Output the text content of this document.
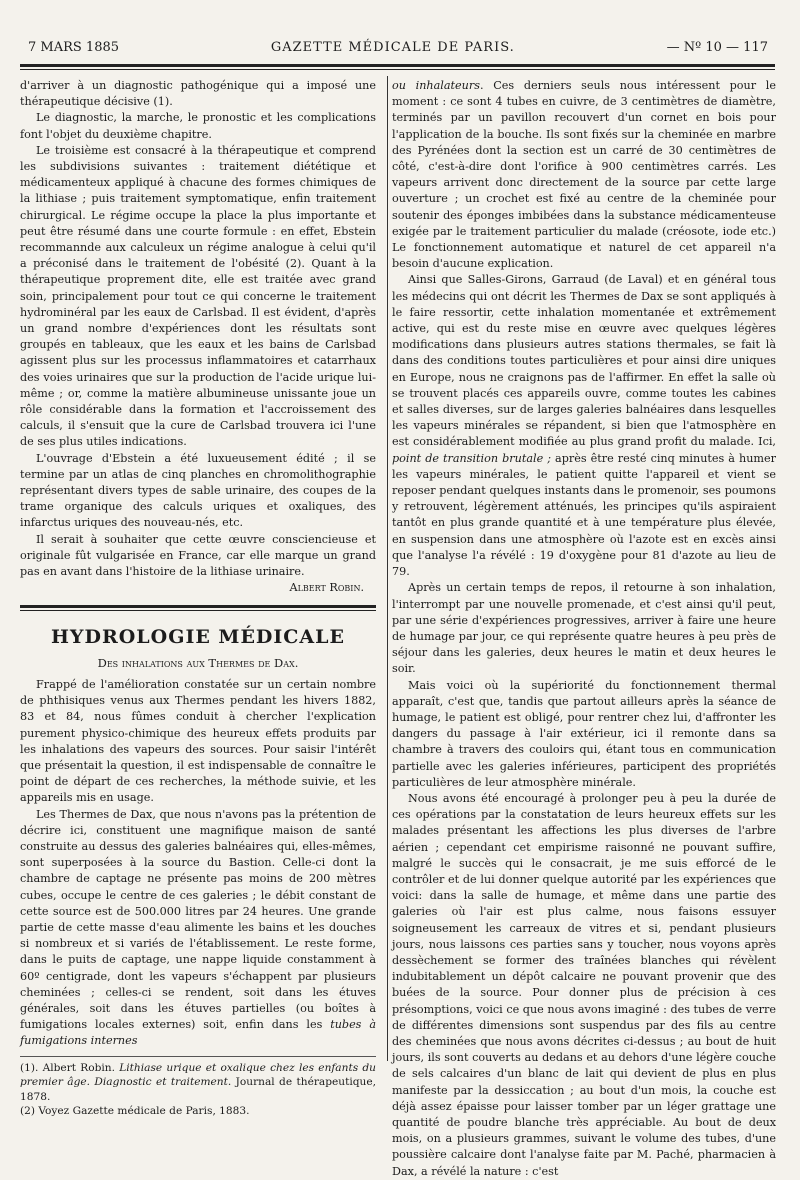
7 MARS 1885	GAZETTE MÉDICALE DE PARIS.	— Nº 10 — 117

d'arriver à un diagnostic pathogénique qui a imposé une thérapeutique décisive (1).

Le diagnostic, la marche, le pronostic et les complications font l'objet du deuxième chapitre.

Le troisième est consacré à la thérapeutique et comprend les subdivisions suivantes : traitement diététique et médicamenteux appliqué à chacune des formes chimiques de la lithiase ; puis traitement symptomatique, enfin traitement chirurgical. Le régime occupe la place la plus importante et peut être résumé dans une courte formule : en effet, Ebstein recommannde aux calculeux un régime analogue à celui qu'il a préconisé dans le traitement de l'obésité (2). Quant à la thérapeutique proprement dite, elle est traitée avec grand soin, principalement pour tout ce qui concerne le traitement hydrominéral par les eaux de Carlsbad. Il est évident, d'après un grand nombre d'expériences dont les résultats sont groupés en tableaux, que les eaux et les bains de Carlsbad agissent plus sur les processus inflammatoires et catarrhaux des voies urinaires que sur la production de l'acide urique lui-même ; or, comme la matière albumineuse unissante joue un rôle considérable dans la formation et l'accroissement des calculs, il s'ensuit que la cure de Carlsbad trouvera ici l'une de ses plus utiles indications.

L'ouvrage d'Ebstein a été luxueusement édité ; il se termine par un atlas de cinq planches en chromolithographie représentant divers types de sable urinaire, des coupes de la trame organique des calculs uriques et oxaliques, des infarctus uriques des nouveau-nés, etc.

Il serait à souhaiter que cette œuvre consciencieuse et originale fût vulgarisée en France, car elle marque un grand pas en avant dans l'histoire de la lithiase urinaire.

Albert Robin.

HYDROLOGIE MÉDICALE
Des inhalations aux Thermes de Dax.

Frappé de l'amélioration constatée sur un certain nombre de phthisiques venus aux Thermes pendant les hivers 1882, 83 et 84, nous fûmes conduit à chercher l'explication purement physico-chimique des heureux effets produits par les inhalations des vapeurs des sources. Pour saisir l'intérêt que présentait la question, il est indispensable de connaître le point de départ de ces recherches, la méthode suivie, et les appareils mis en usage.

Les Thermes de Dax, que nous n'avons pas la prétention de décrire ici, constituent une magnifique maison de santé construite au dessus des galeries balnéaires qui, elles-mêmes, sont superposées à la source du Bastion. Celle-ci dont la chambre de captage ne présente pas moins de 200 mètres cubes, occupe le centre de ces galeries ; le débit constant de cette source est de 500.000 litres par 24 heures. Une grande partie de cette masse d'eau alimente les bains et les douches si nombreux et si variés de l'établissement. Le reste forme, dans le puits de captage, une nappe liquide constamment à 60º centigrade, dont les vapeurs s'échappent par plusieurs cheminées ; celles-ci se rendent, soit dans les étuves générales, soit dans les étuves partielles (ou boîtes à fumigations locales externes) soit, enfin dans les tubes à fumigations internes

(1). Albert Robin. Lithiase urique et oxalique chez les enfants du premier âge. Diagnostic et traitement. Journal de thérapeutique, 1878.

(2) Voyez Gazette médicale de Paris, 1883.

ou inhalateurs. Ces derniers seuls nous intéressent pour le moment : ce sont 4 tubes en cuivre, de 3 centimètres de diamètre, terminés par un pavillon recouvert d'un cornet en bois pour l'application de la bouche. Ils sont fixés sur la cheminée en marbre des Pyrénées dont la section est un carré de 30 centimètres de côté, c'est-à-dire dont l'orifice à 900 centimètres carrés. Les vapeurs arrivent donc directement de la source par cette large ouverture ; un crochet est fixé au centre de la cheminée pour soutenir des éponges imbibées dans la substance médicamenteuse exigée par le traitement particulier du malade (créosote, iode etc.) Le fonctionnement automatique et naturel de cet appareil n'a besoin d'aucune explication.

Ainsi que Salles-Girons, Garraud (de Laval) et en général tous les médecins qui ont décrit les Thermes de Dax se sont appliqués à le faire ressortir, cette inhalation momentanée et extrêmement active, qui est du reste mise en œuvre avec quelques légères modifications dans plusieurs autres stations thermales, se fait là dans des conditions toutes particulières et pour ainsi dire uniques en Europe, nous ne craignons pas de l'affirmer. En effet la salle où se trouvent placés ces appareils ouvre, comme toutes les cabines et salles diverses, sur de larges galeries balnéaires dans lesquelles les vapeurs minérales se répandent, si bien que l'atmosphère en est considérablement modifiée au plus grand profit du malade. Ici, point de transition brutale ; après être resté cinq minutes à humer les vapeurs minérales, le patient quitte l'appareil et vient se reposer pendant quelques instants dans le promenoir, ses poumons y retrouvent, légèrement atténués, les principes qu'ils aspiraient tantôt en plus grande quantité et à une température plus élevée, en suspension dans une atmosphère où l'azote est en excès ainsi que l'analyse l'a révélé : 19 d'oxygène pour 81 d'azote au lieu de 79.

Après un certain temps de repos, il retourne à son inhalation, l'interrompt par une nouvelle promenade, et c'est ainsi qu'il peut, par une série d'expériences progressives, arriver à faire une heure de humage par jour, ce qui représente quatre heures à peu près de séjour dans les galeries, deux heures le matin et deux heures le soir.

Mais voici où la supériorité du fonctionnement thermal apparaît, c'est que, tandis que partout ailleurs après la séance de humage, le patient est obligé, pour rentrer chez lui, d'affronter les dangers du passage à l'air extérieur, ici il remonte dans sa chambre à travers des couloirs qui, étant tous en communication partielle avec les galeries inférieures, participent des propriétés particulières de leur atmosphère minérale.

Nous avons été encouragé à prolonger peu à peu la durée de ces opérations par la constatation de leurs heureux effets sur les malades présentant les affections les plus diverses de l'arbre aérien ; cependant cet empirisme raisonné ne pouvant suffire, malgré le succès qui le consacrait, je me suis efforcé de le contrôler et de lui donner quelque autorité par les expériences que voici: dans la salle de humage, et même dans une partie des galeries où l'air est plus calme, nous faisons essuyer soigneusement les carreaux de vitres et si, pendant plusieurs jours, nous laissons ces parties sans y toucher, nous voyons après dessèchement se former des traînées blanches qui révèlent indubitablement un dépôt calcaire ne pouvant provenir que des buées de la source. Pour donner plus de précision à ces présomptions, voici ce que nous avons imaginé : des tubes de verre de différentes dimensions sont suspendus par des fils au centre des cheminées que nous avons décrites ci-dessus ; au bout de huit jours, ils sont couverts au dedans et au dehors d'une légère couche de sels calcaires d'un blanc de lait qui devient de plus en plus manifeste par la dessiccation ; au bout d'un mois, la couche est déjà assez épaisse pour laisser tomber par un léger grattage une quantité de poudre blanche très appréciable. Au bout de deux mois, on a plusieurs grammes, suivant le volume des tubes, d'une poussière calcaire dont l'analyse faite par M. Paché, pharmacien à Dax, a révélé la nature : c'est
